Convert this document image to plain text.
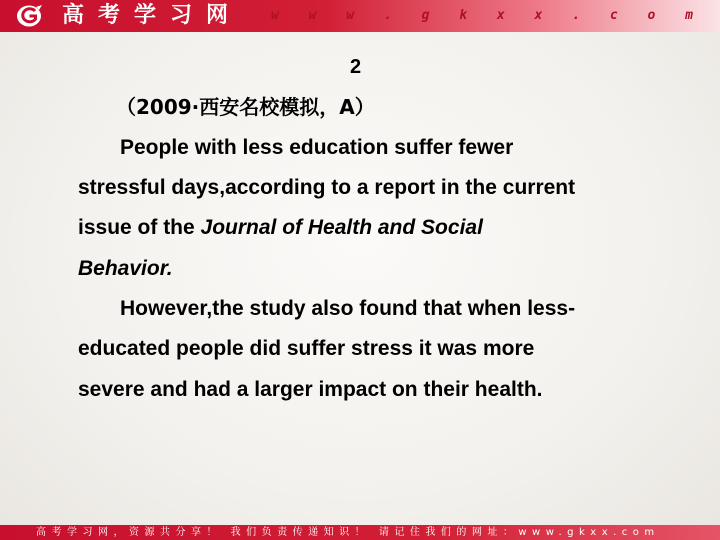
高考学习网 w w w . g k x x . c o m
2
（2009·西安名校模拟，A）
People with less education suffer fewer
stressful days,according to a report in the current
issue of the Journal of Health and Social
Behavior.
However,the study also found that when less-
educated people did suffer stress it was more
severe and had a larger impact on their health.
高考学习网，资源共分享！ 我们负责传递知识！ 请记住我们的网址：www.gkxx.com
